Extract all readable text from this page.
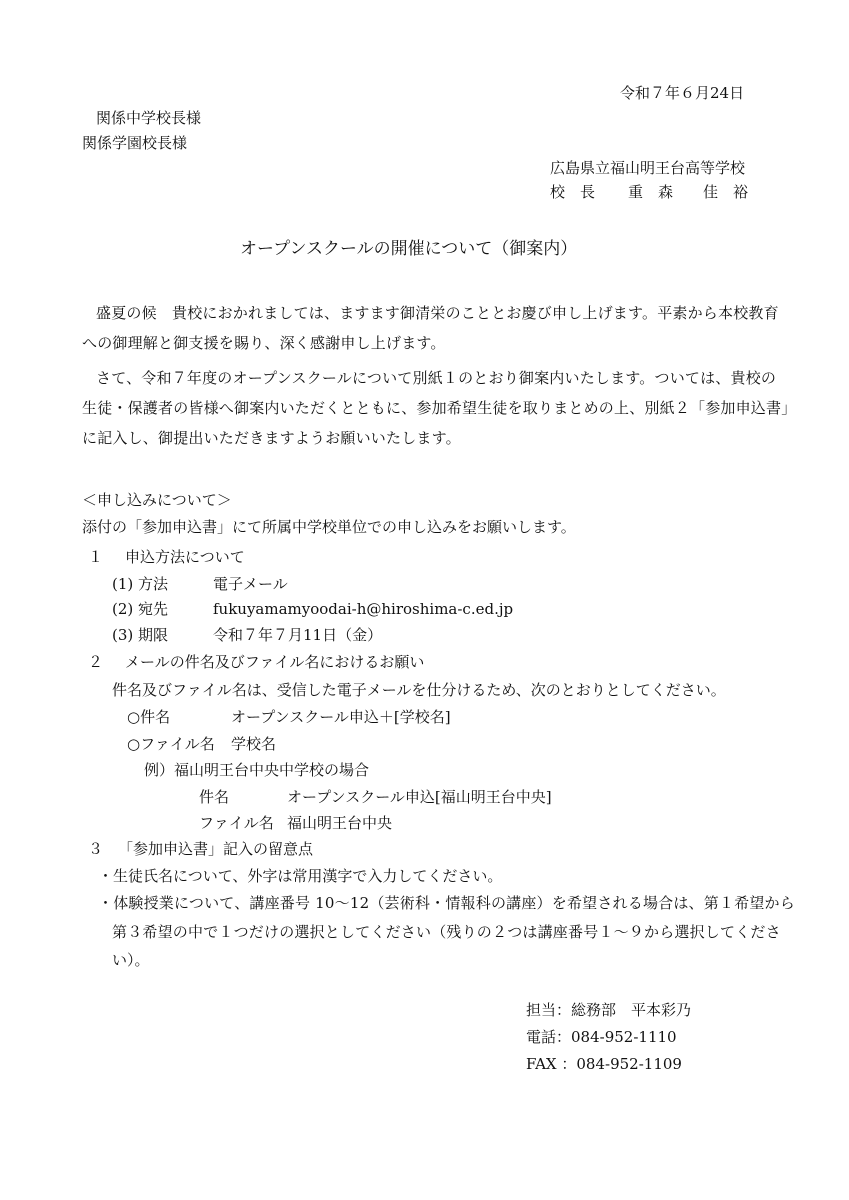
令和７年６月24日
関係中学校長様
関係学園校長様
広島県立福山明王台高等学校
校　長 重　森　　佳　裕
オープンスクールの開催について（御案内）
盛夏の候　貴校におかれましては、ますます御清栄のこととお慶び申し上げます。平素から本校教育
への御理解と御支援を賜り、深く感謝申し上げます。
さて、令和７年度のオープンスクールについて別紙１のとおり御案内いたします。ついては、貴校の
生徒・保護者の皆様へ御案内いただくとともに、参加希望生徒を取りまとめの上、別紙２「参加申込書」
に記入し、御提出いただきますようお願いいたします。
＜申し込みについて＞
添付の「参加申込書」にて所属中学校単位での申し込みをお願いします。
１ 申込方法について
(1) 方法	電子メール
(2) 宛先	fukuyamamyoodai-h@hiroshima-c.ed.jp
(3) 期限	令和７年７月11日（金）
２ メールの件名及びファイル名におけるお願い
件名及びファイル名は、受信した電子メールを仕分けるため、次のとおりとしてください。
○件名	オープンスクール申込＋[学校名]
○ファイル名 学校名
例）福山明王台中央中学校の場合
件名	オープンスクール申込[福山明王台中央]
ファイル名 福山明王台中央
３ 「参加申込書」記入の留意点
・生徒氏名について、外字は常用漢字で入力してください。
・体験授業について、講座番号 10～12（芸術科・情報科の講座）を希望される場合は、第１希望から
第３希望の中で１つだけの選択としてください（残りの２つは講座番号１～９から選択してくださ
い）。
担当：総務部　平本彩乃
電話：084-952-1110
FAX ：084-952-1109
